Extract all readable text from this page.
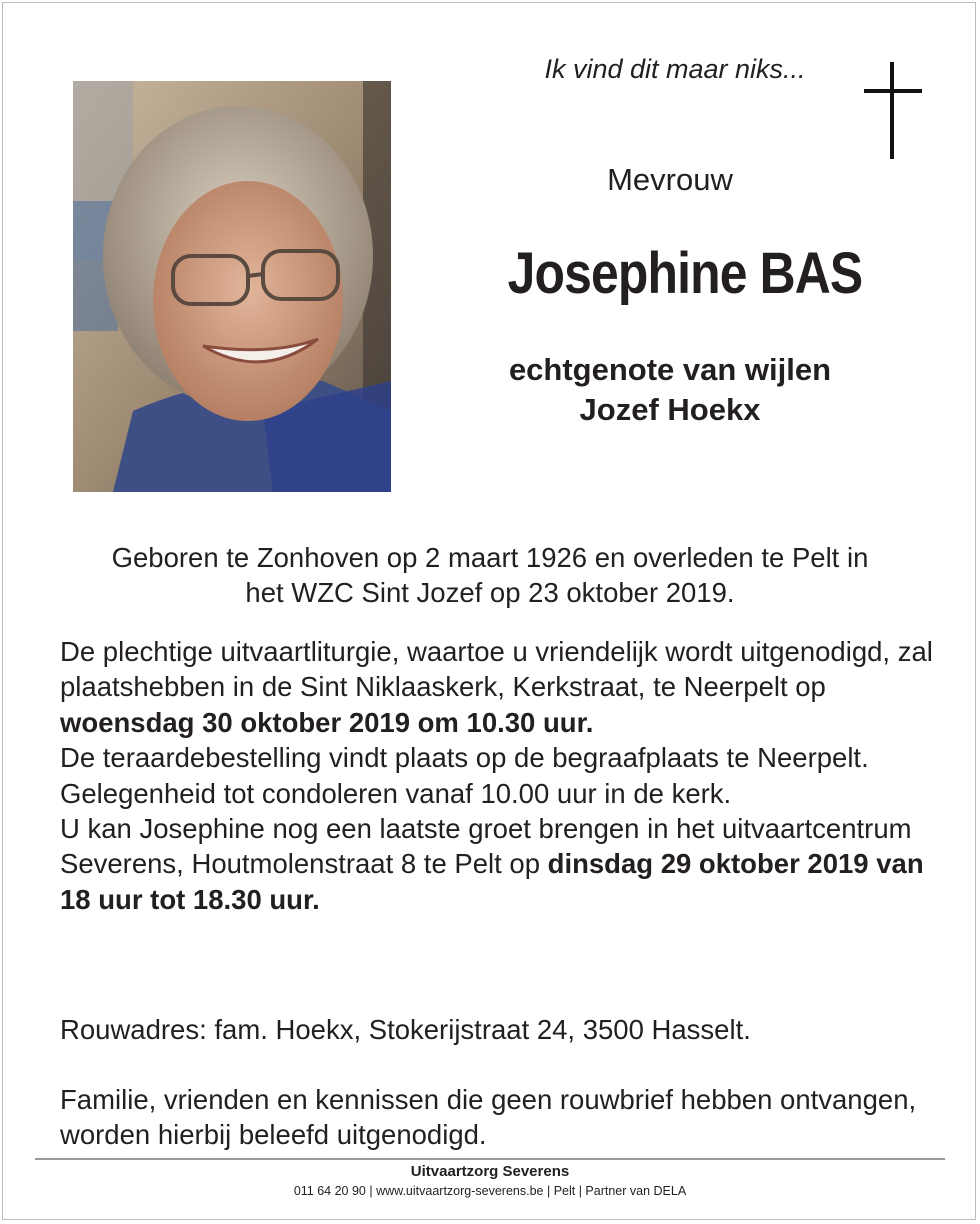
Ik vind dit maar niks...
Mevrouw
Josephine BAS
echtgenote van wijlen
Jozef Hoekx
Geboren te Zonhoven op 2 maart 1926 en overleden te Pelt in
het WZC Sint Jozef op 23 oktober 2019.

De plechtige uitvaartliturgie, waartoe u vriendelijk wordt uitgenodigd, zal plaatshebben in de Sint Niklaaskerk, Kerkstraat, te Neerpelt op woensdag 30 oktober 2019 om 10.30 uur.

De teraardebestelling vindt plaats op de begraafplaats te Neerpelt.

Gelegenheid tot condoleren vanaf 10.00 uur in de kerk.

U kan Josephine nog een laatste groet brengen in het uitvaartcentrum Severens, Houtmolenstraat 8 te Pelt op dinsdag 29 oktober 2019 van 18 uur tot 18.30 uur.

Rouwadres: fam. Hoekx, Stokerijstraat 24, 3500 Hasselt.
Familie, vrienden en kennissen die geen rouwbrief hebben ontvangen, worden hierbij beleefd uitgenodigd.
Uitvaartzorg Severens
011 64 20 90 | www.uitvaartzorg-severens.be | Pelt | Partner van DELA
